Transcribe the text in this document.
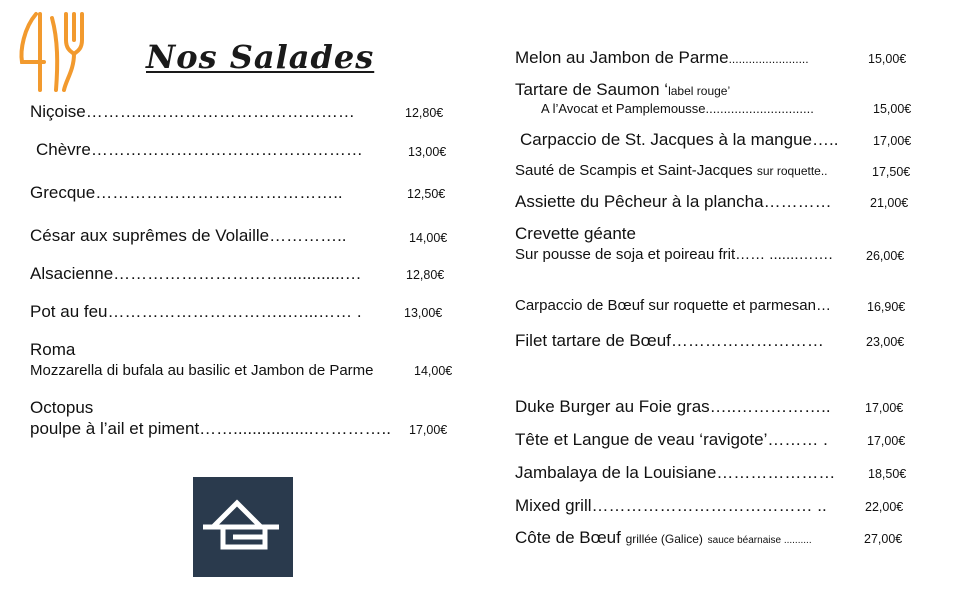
Nos Salades
Niçoise………...………………………………	12,80€
Chèvre…………………………………………	13,00€
Grecque……………………………………..	12,50€
César aux suprêmes de Volaille…………..	14,00€
Alsacienne………………………….............…	12,80€
Pot au feu…………………………..…...…… .	13,00€
Roma
Mozzarella di bufala au basilic et Jambon de Parme	14,00€
Octopus
poulpe à l’ail et piment…….................………….. 17,00€
Melon au Jambon de Parme........................	15,00€
Tartare de Saumon ‘label rouge’
A l’Avocat et Pamplemousse..............................	15,00€
Carpaccio de St. Jacques à la mangue…..	17,00€
Sauté de Scampis et Saint-Jacques sur roquette..	17,50€
Assiette du Pêcheur à la plancha…………	21,00€
Crevette géante
Sur pousse de soja et poireau frit…… .......…….	26,00€
Carpaccio de Bœuf sur roquette et parmesan…	16,90€
Filet tartare de Bœuf………………………	23,00€
Duke Burger au Foie gras…..……………..	17,00€
Tête et Langue de veau ‘ravigote’……… .	17,00€
Jambalaya de la Louisiane…………………	18,50€
Mixed grill………………………………… ..	22,00€
Côte de Bœuf grillée (Galice) sauce béarnaise ..........	27,00€
